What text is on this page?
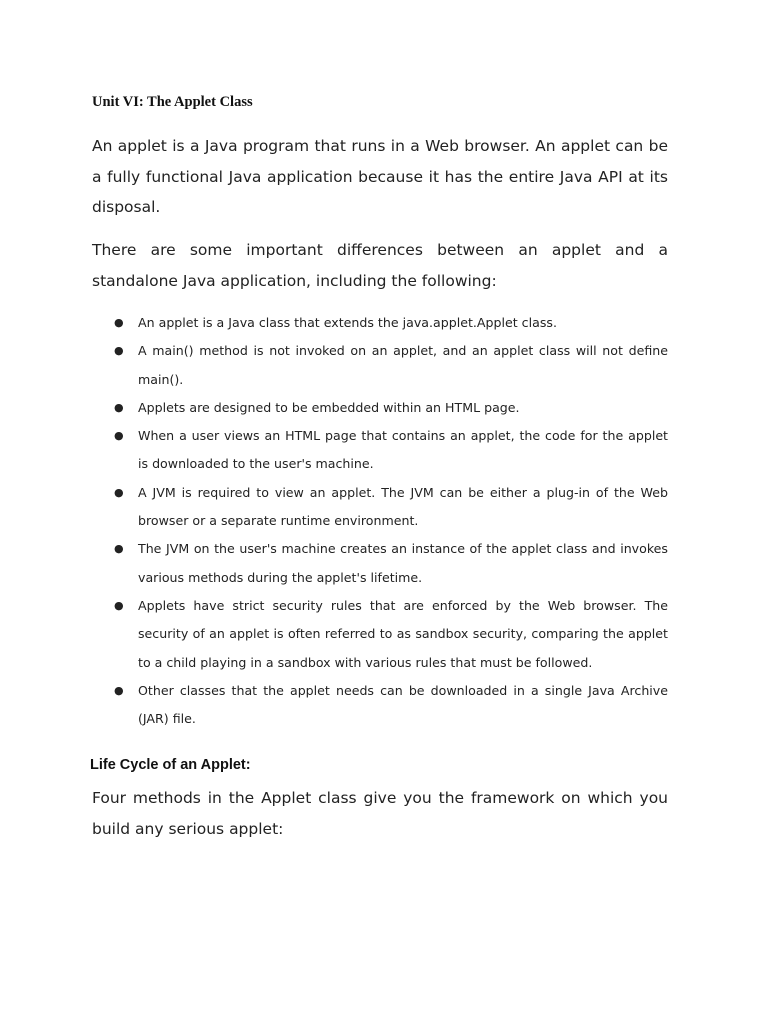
Unit VI: The Applet Class

An applet is a Java program that runs in a Web browser. An applet can be a fully functional Java application because it has the entire Java API at its disposal.

There are some important differences between an applet and a standalone Java application, including the following:

● An applet is a Java class that extends the java.applet.Applet class.
● A main() method is not invoked on an applet, and an applet class will not define main().
● Applets are designed to be embedded within an HTML page.
● When a user views an HTML page that contains an applet, the code for the applet is downloaded to the user's machine.
● A JVM is required to view an applet. The JVM can be either a plug-in of the Web browser or a separate runtime environment.
● The JVM on the user's machine creates an instance of the applet class and invokes various methods during the applet's lifetime.
● Applets have strict security rules that are enforced by the Web browser. The security of an applet is often referred to as sandbox security, comparing the applet to a child playing in a sandbox with various rules that must be followed.
● Other classes that the applet needs can be downloaded in a single Java Archive (JAR) file.
Life Cycle of an Applet:

Four methods in the Applet class give you the framework on which you build any serious applet:
